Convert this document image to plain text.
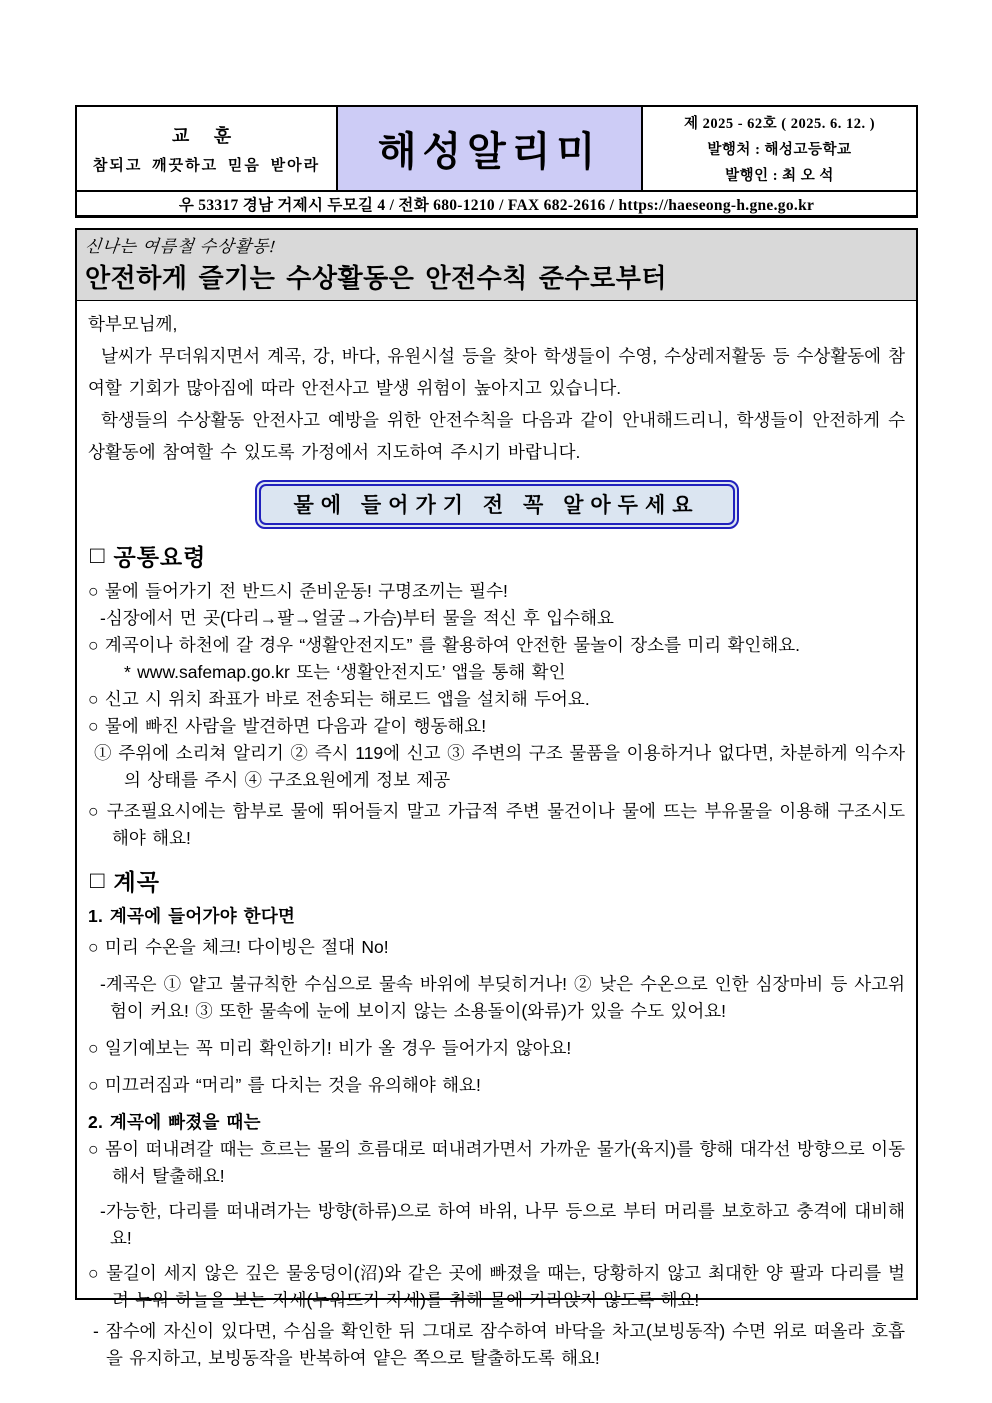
교 훈
참되고 깨끗하고 믿음 받아라 해성알리미
제 2025 - 62호 ( 2025. 6. 12. )
발행처 : 해성고등학교
발행인 : 최 오 석
우 53317 경남 거제시 두모길 4 / 전화 680-1210 / FAX 682-2616 / https://haeseong-h.gne.go.kr
신나는 여름철 수상활동!
안전하게 즐기는 수상활동은 안전수칙 준수로부터

학부모님께,

날씨가 무더워지면서 계곡, 강, 바다, 유원시설 등을 찾아 학생들이 수영, 수상레저활동 등 수상활동에 참여할 기회가 많아짐에 따라 안전사고 발생 위험이 높아지고 있습니다.

학생들의 수상활동 안전사고 예방을 위한 안전수칙을 다음과 같이 안내해드리니, 학생들이 안전하게 수상활동에 참여할 수 있도록 가정에서 지도하여 주시기 바랍니다.

물에 들어가기 전 꼭 알아두세요
□ 공통요령

○ 물에 들어가기 전 반드시 준비운동! 구명조끼는 필수!

-심장에서 먼 곳(다리→팔→얼굴→가슴)부터 물을 적신 후 입수해요

○ 계곡이나 하천에 갈 경우 “생활안전지도” 를 활용하여 안전한 물놀이 장소를 미리 확인해요.

* www.safemap.go.kr 또는 ‘생활안전지도’ 앱을 통해 확인

○ 신고 시 위치 좌표가 바로 전송되는 해로드 앱을 설치해 두어요.

○ 물에 빠진 사람을 발견하면 다음과 같이 행동해요!

① 주위에 소리쳐 알리기 ② 즉시 119에 신고 ③ 주변의 구조 물품을 이용하거나 없다면, 차분하게 익수자의 상태를 주시 ④ 구조요원에게 정보 제공

○ 구조필요시에는 함부로 물에 뛰어들지 말고 가급적 주변 물건이나 물에 뜨는 부유물을 이용해 구조시도 해야 해요!

□ 계곡

1. 계곡에 들어가야 한다면

○ 미리 수온을 체크! 다이빙은 절대 No!

-계곡은 ① 얕고 불규칙한 수심으로 물속 바위에 부딪히거나! ② 낮은 수온으로 인한 심장마비 등 사고위험이 커요! ③ 또한 물속에 눈에 보이지 않는 소용돌이(와류)가 있을 수도 있어요!

○ 일기예보는 꼭 미리 확인하기! 비가 올 경우 들어가지 않아요!

○ 미끄러짐과 “머리” 를 다치는 것을 유의해야 해요!

2. 계곡에 빠졌을 때는

○ 몸이 떠내려갈 때는 흐르는 물의 흐름대로 떠내려가면서 가까운 물가(육지)를 향해 대각선 방향으로 이동해서 탈출해요!

-가능한, 다리를 떠내려가는 방향(하류)으로 하여 바위, 나무 등으로 부터 머리를 보호하고 충격에 대비해요!

○ 물길이 세지 않은 깊은 물웅덩이(沼)와 같은 곳에 빠졌을 때는, 당황하지 않고 최대한 양 팔과 다리를 벌려 누워 하늘을 보는 자세(누워뜨기 자세)를 취해 물에 가라앉지 않도록 해요!

- 잠수에 자신이 있다면, 수심을 확인한 뒤 그대로 잠수하여 바닥을 차고(보빙동작) 수면 위로 떠올라 호흡을 유지하고, 보빙동작을 반복하여 얕은 쪽으로 탈출하도록 해요!
